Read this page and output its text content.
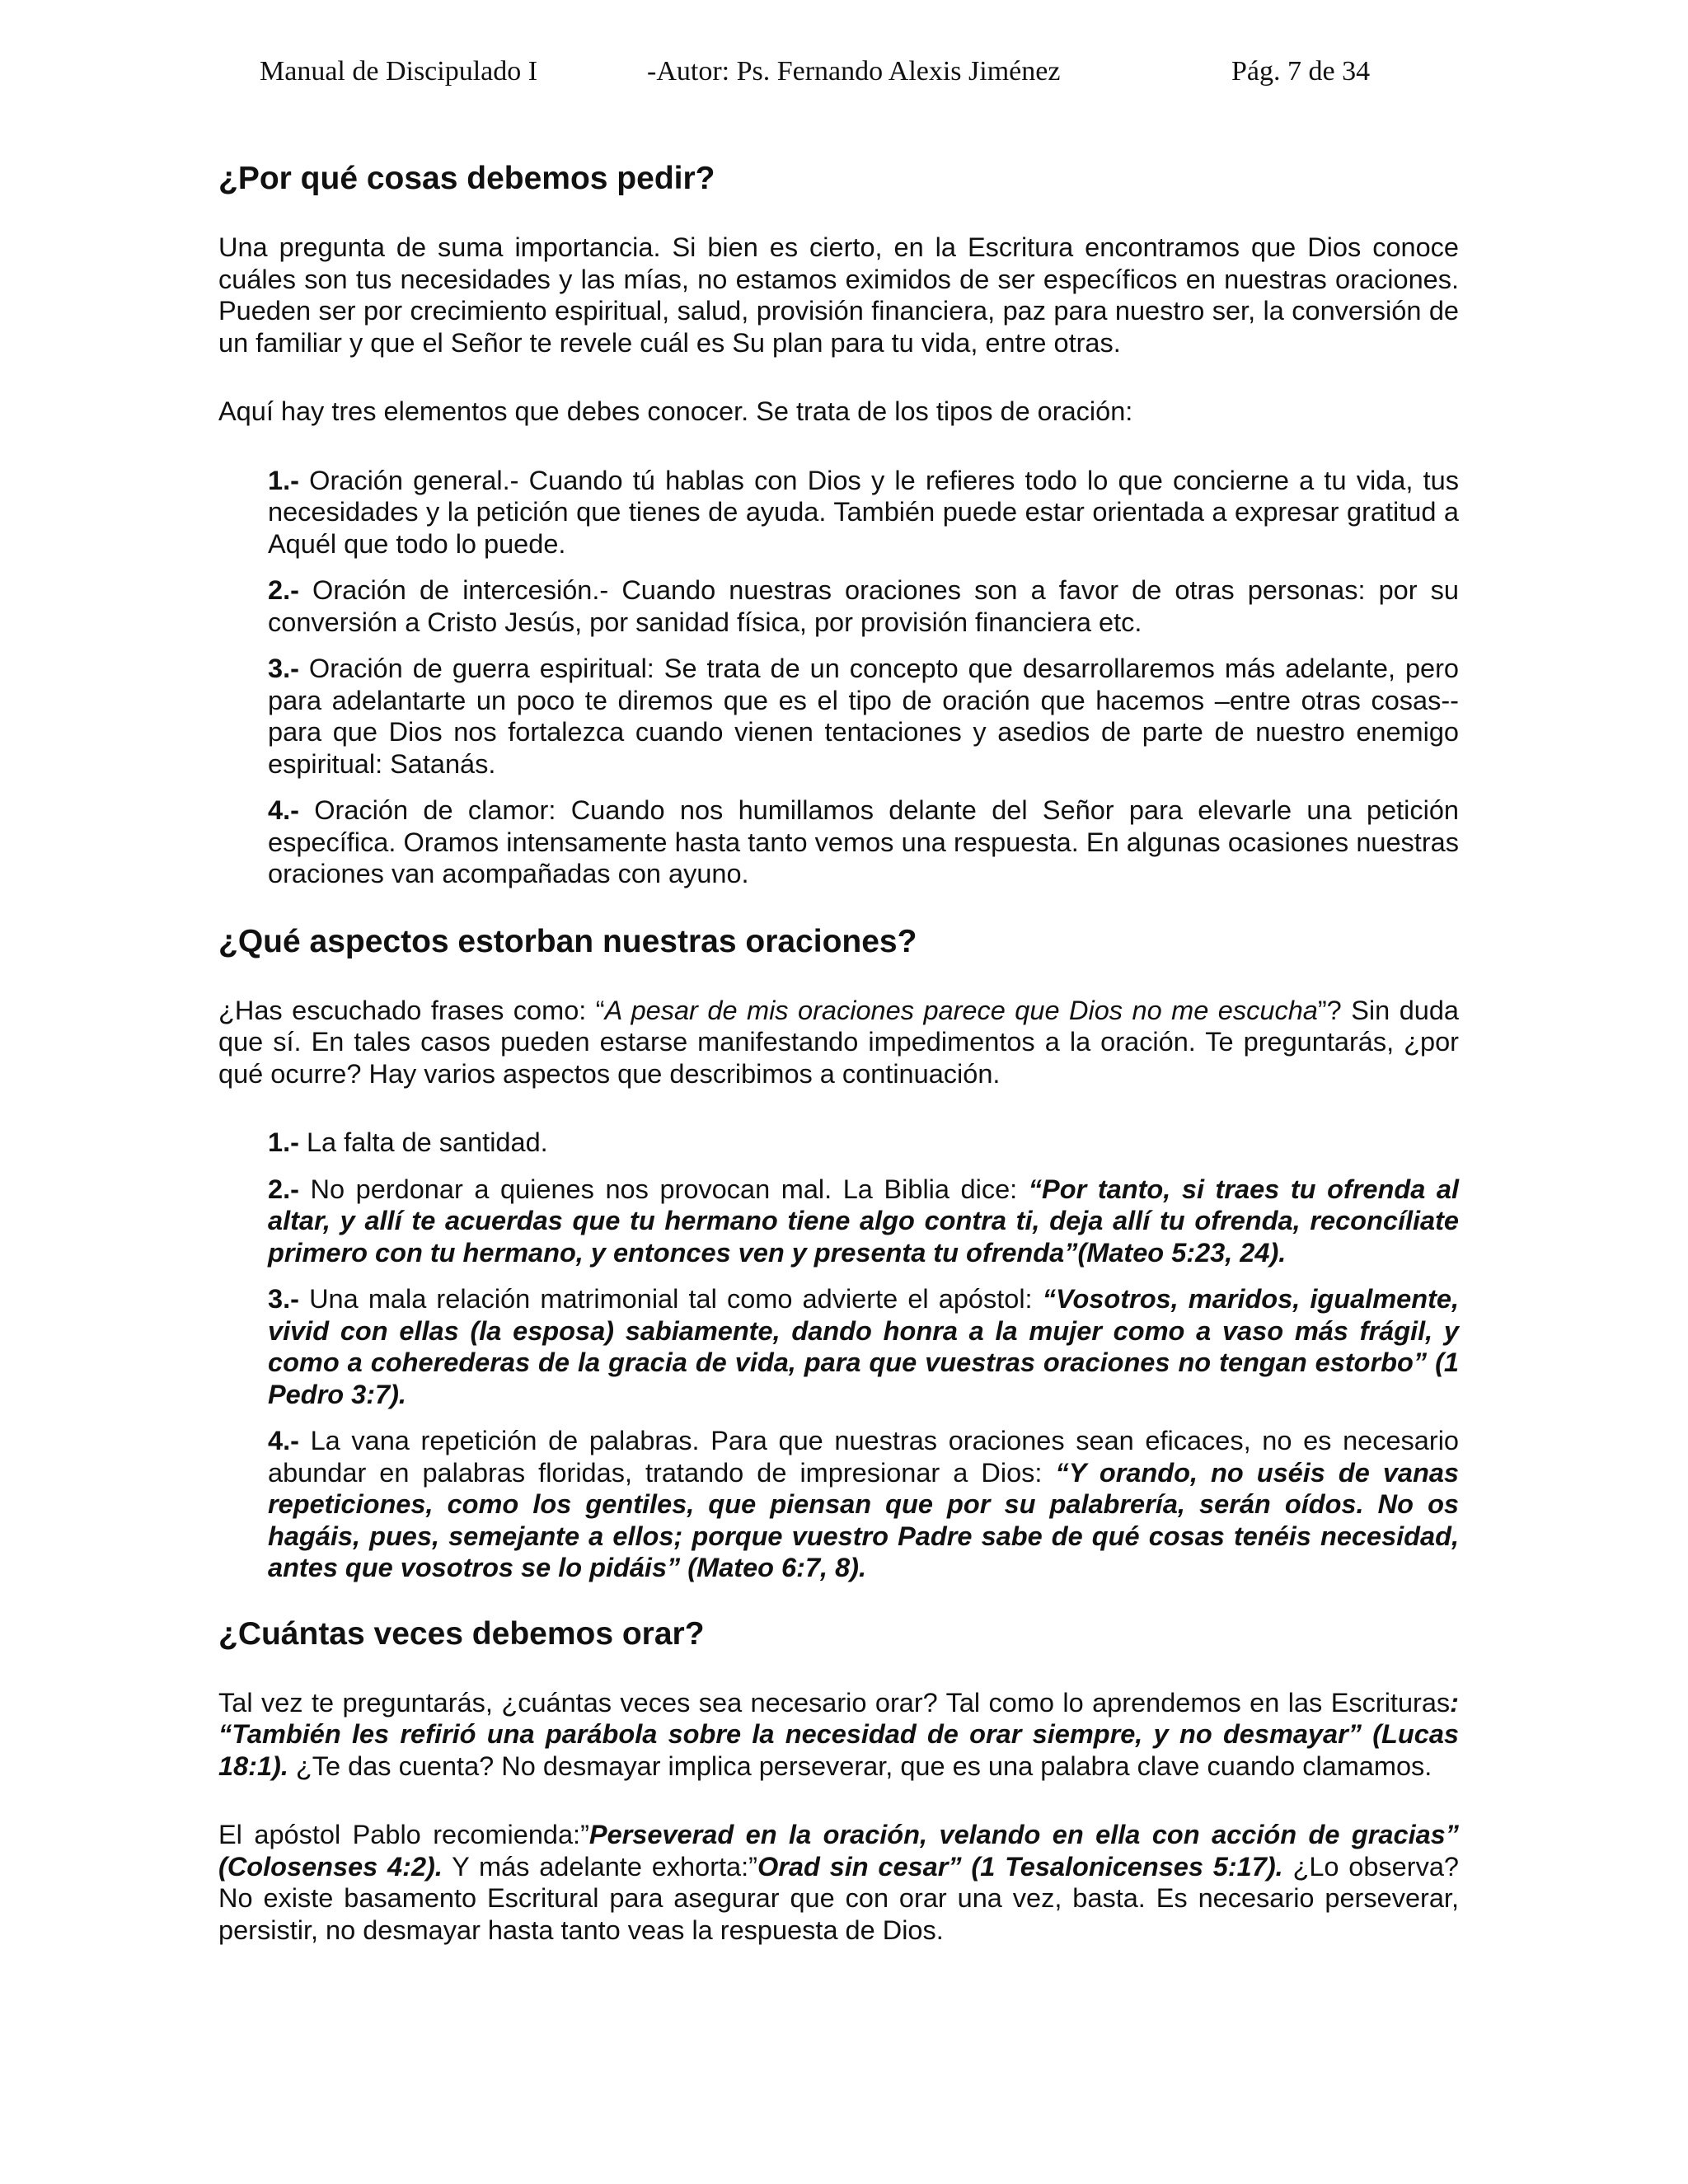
Manual de Discipulado I	-Autor: Ps. Fernando Alexis Jiménez	Pág. 7 de 34
¿Por qué cosas debemos pedir?

Una pregunta de suma importancia. Si bien es cierto, en la Escritura encontramos que Dios conoce cuáles son tus necesidades y las mías, no estamos eximidos de ser específicos en nuestras oraciones. Pueden ser por crecimiento espiritual, salud, provisión financiera, paz para nuestro ser, la conversión de un familiar y que el Señor te revele cuál es Su plan para tu vida, entre otras.

Aquí hay tres elementos que debes conocer. Se trata de los tipos de oración:

1.- Oración general.- Cuando tú hablas con Dios y le refieres todo lo que concierne a tu vida, tus necesidades y la petición que tienes de ayuda. También puede estar orientada a expresar gratitud a Aquél que todo lo puede.
2.- Oración de intercesión.- Cuando nuestras oraciones son a favor de otras personas: por su conversión a Cristo Jesús, por sanidad física, por provisión financiera etc.
3.- Oración de guerra espiritual: Se trata de un concepto que desarrollaremos más adelante, pero para adelantarte un poco te diremos que es el tipo de oración que hacemos –entre otras cosas-- para que Dios nos fortalezca cuando vienen tentaciones y asedios de parte de nuestro enemigo espiritual: Satanás.
4.- Oración de clamor: Cuando nos humillamos delante del Señor para elevarle una petición específica. Oramos intensamente hasta tanto vemos una respuesta. En algunas ocasiones nuestras oraciones van acompañadas con ayuno.
¿Qué aspectos estorban nuestras oraciones?

¿Has escuchado frases como: “A pesar de mis oraciones parece que Dios no me escucha”? Sin duda que sí. En tales casos pueden estarse manifestando impedimentos a la oración. Te preguntarás, ¿por qué ocurre? Hay varios aspectos que describimos a continuación.

1.- La falta de santidad.
2.- No perdonar a quienes nos provocan mal. La Biblia dice: “Por tanto, si traes tu ofrenda al altar, y allí te acuerdas que tu hermano tiene algo contra ti, deja allí tu ofrenda, reconcíliate primero con tu hermano, y entonces ven y presenta tu ofrenda”(Mateo 5:23, 24).
3.- Una mala relación matrimonial tal como advierte el apóstol: “Vosotros, maridos, igualmente, vivid con ellas (la esposa) sabiamente, dando honra a la mujer como a vaso más frágil, y como a coherederas de la gracia de vida, para que vuestras oraciones no tengan estorbo” (1 Pedro 3:7).
4.- La vana repetición de palabras. Para que nuestras oraciones sean eficaces, no es necesario abundar en palabras floridas, tratando de impresionar a Dios: “Y orando, no uséis de vanas repeticiones, como los gentiles, que piensan que por su palabrería, serán oídos. No os hagáis, pues, semejante a ellos; porque vuestro Padre sabe de qué cosas tenéis necesidad, antes que vosotros se lo pidáis” (Mateo 6:7, 8).
¿Cuántas veces debemos orar?

Tal vez te preguntarás, ¿cuántas veces sea necesario orar? Tal como lo aprendemos en las Escrituras: “También les refirió una parábola sobre la necesidad de orar siempre, y no desmayar” (Lucas 18:1). ¿Te das cuenta? No desmayar implica perseverar, que es una palabra clave cuando clamamos.

El apóstol Pablo recomienda:”Perseverad en la oración, velando en ella con acción de gracias” (Colosenses 4:2). Y más adelante exhorta:”Orad sin cesar” (1 Tesalonicenses 5:17). ¿Lo observa? No existe basamento Escritural para asegurar que con orar una vez, basta. Es necesario perseverar, persistir, no desmayar hasta tanto veas la respuesta de Dios.
